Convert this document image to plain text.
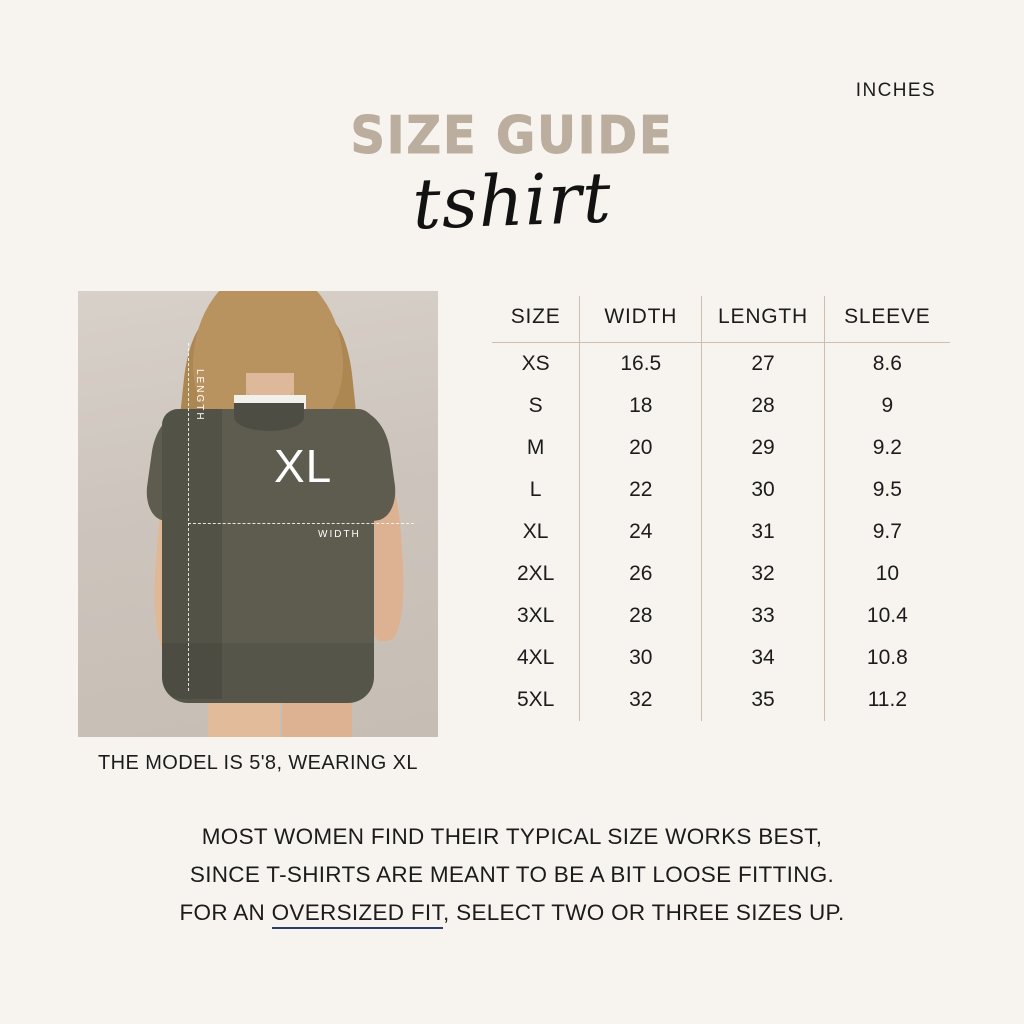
INCHES
SIZE GUIDE
tshirt
LENGTH
WIDTH
XL
THE MODEL IS 5'8, WEARING XL
SIZE	WIDTH	LENGTH	SLEEVE
XS	16.5	27	8.6
S	18	28	9
M	20	29	9.2
L	22	30	9.5
XL	24	31	9.7
2XL	26	32	10
3XL	28	33	10.4
4XL	30	34	10.8
5XL	32	35	11.2
MOST WOMEN FIND THEIR TYPICAL SIZE WORKS BEST,
SINCE T-SHIRTS ARE MEANT TO BE A BIT LOOSE FITTING.
FOR AN OVERSIZED FIT, SELECT TWO OR THREE SIZES UP.
